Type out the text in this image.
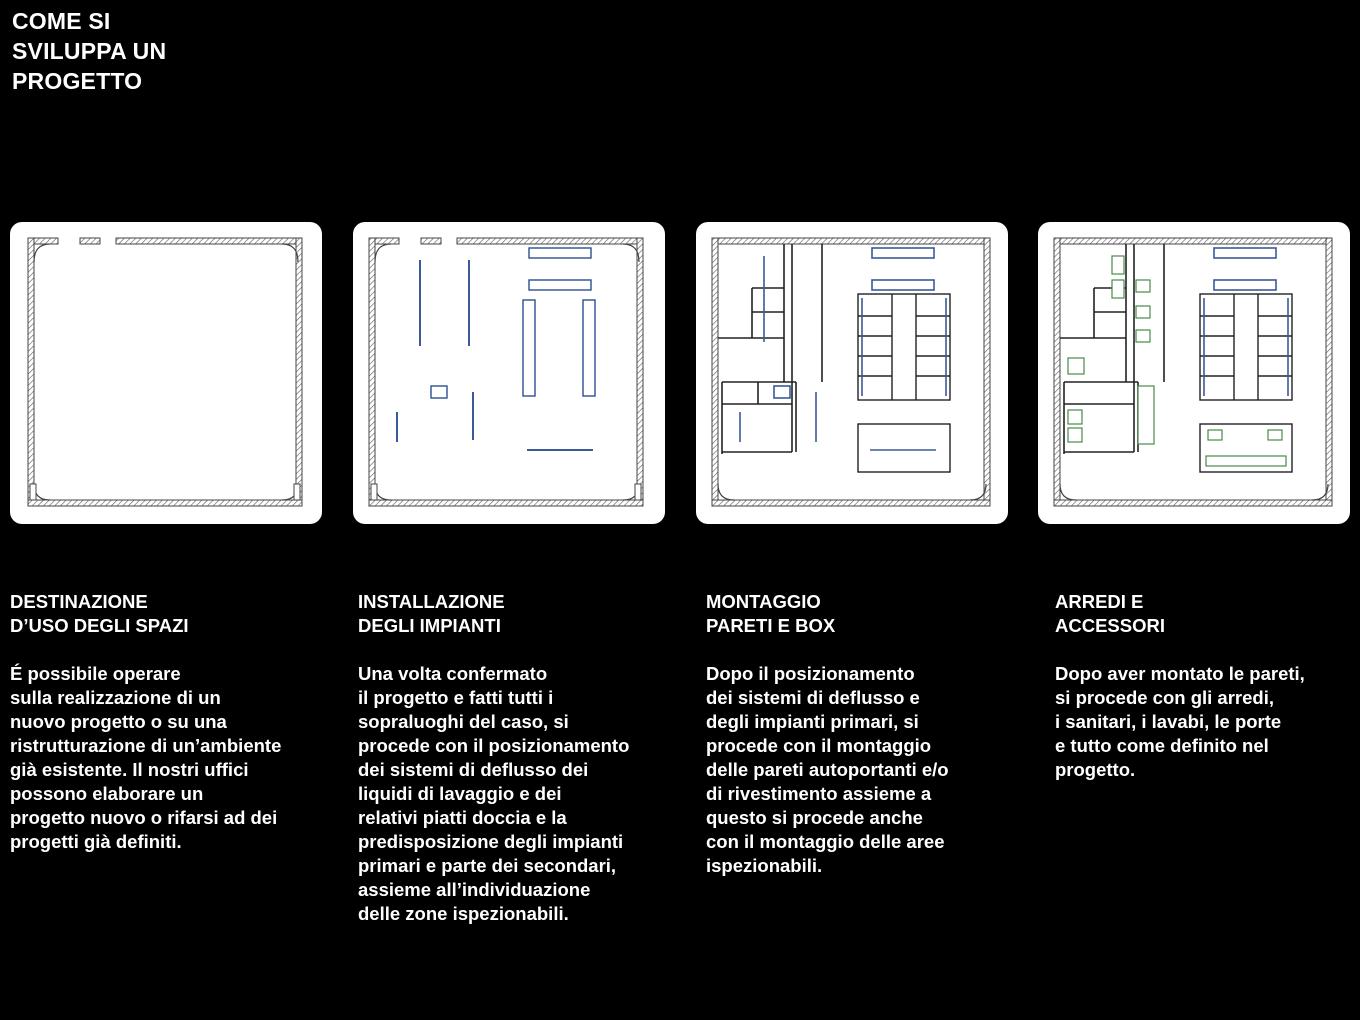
COME SI
SVILUPPA UN
PROGETTO
DESTINAZIONE
D’USO DEGLI SPAZI
É possibile operare
sulla realizzazione di un
nuovo progetto o su una
ristrutturazione di un’ambiente
già esistente. Il nostri uffici
possono elaborare un
progetto nuovo o rifarsi ad dei
progetti già definiti.
INSTALLAZIONE
DEGLI IMPIANTI
Una volta confermato
il progetto e fatti tutti i
sopraluoghi del caso, si
procede con il posizionamento
dei sistemi di deflusso dei
liquidi di lavaggio e dei
relativi piatti doccia e la
predisposizione degli impianti
primari e parte dei secondari,
assieme all’individuazione
delle zone ispezionabili.
MONTAGGIO
PARETI E BOX
Dopo il posizionamento
dei sistemi di deflusso e
degli impianti primari, si
procede con il montaggio
delle pareti autoportanti e/o
di rivestimento assieme a
questo si procede anche
con il montaggio delle aree
ispezionabili.
ARREDI E
ACCESSORI
Dopo aver montato le pareti,
si procede con gli arredi,
i sanitari, i lavabi, le porte
e tutto come definito nel
progetto.
